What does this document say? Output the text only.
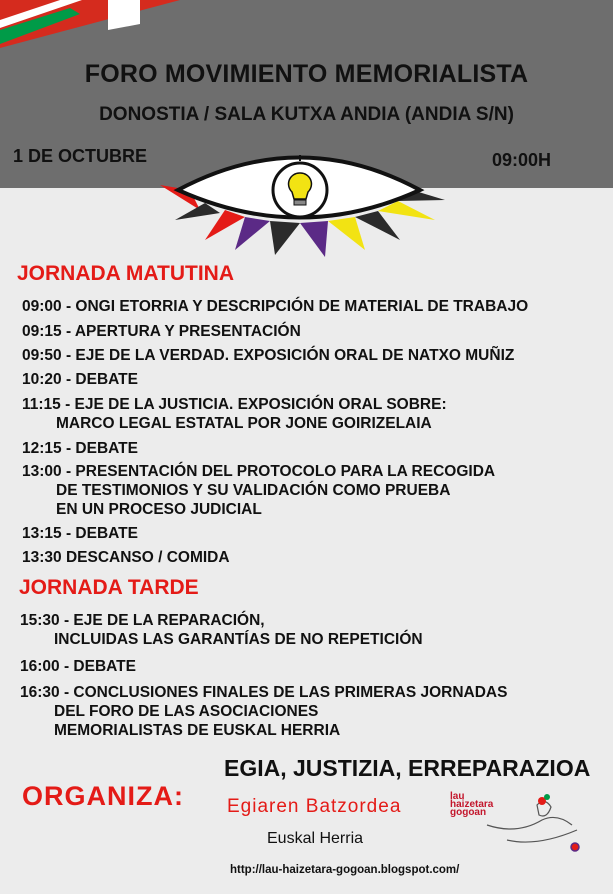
FORO MOVIMIENTO MEMORIALISTA
DONOSTIA / SALA KUTXA ANDIA (ANDIA S/N)
1 DE OCTUBRE	09:00H
JORNADA MATUTINA
09:00 - ONGI ETORRIA Y DESCRIPCIÓN DE MATERIAL DE TRABAJO
09:15 - APERTURA Y PRESENTACIÓN
09:50 - EJE DE LA VERDAD. EXPOSICIÓN ORAL DE NATXO MUÑIZ
10:20 - DEBATE
11:15 - EJE DE LA JUSTICIA. EXPOSICIÓN ORAL SOBRE:
MARCO LEGAL ESTATAL POR JONE GOIRIZELAIA
12:15 - DEBATE
13:00 - PRESENTACIÓN DEL PROTOCOLO PARA LA RECOGIDA
DE TESTIMONIOS Y SU VALIDACIÓN COMO PRUEBA
EN UN PROCESO JUDICIAL
13:15 - DEBATE
13:30 DESCANSO / COMIDA
JORNADA TARDE
15:30 - EJE DE LA REPARACIÓN,
INCLUIDAS LAS GARANTÍAS DE NO REPETICIÓN
16:00 - DEBATE
16:30 - CONCLUSIONES FINALES DE LAS PRIMERAS JORNADAS
DEL FORO DE LAS ASOCIACIONES
MEMORIALISTAS DE EUSKAL HERRIA
ORGANIZA:
EGIA, JUSTIZIA, ERREPARAZIOA
Egiaren Batzordea
Euskal Herria
lau
haizetara
gogoan
http://lau-haizetara-gogoan.blogspot.com/
